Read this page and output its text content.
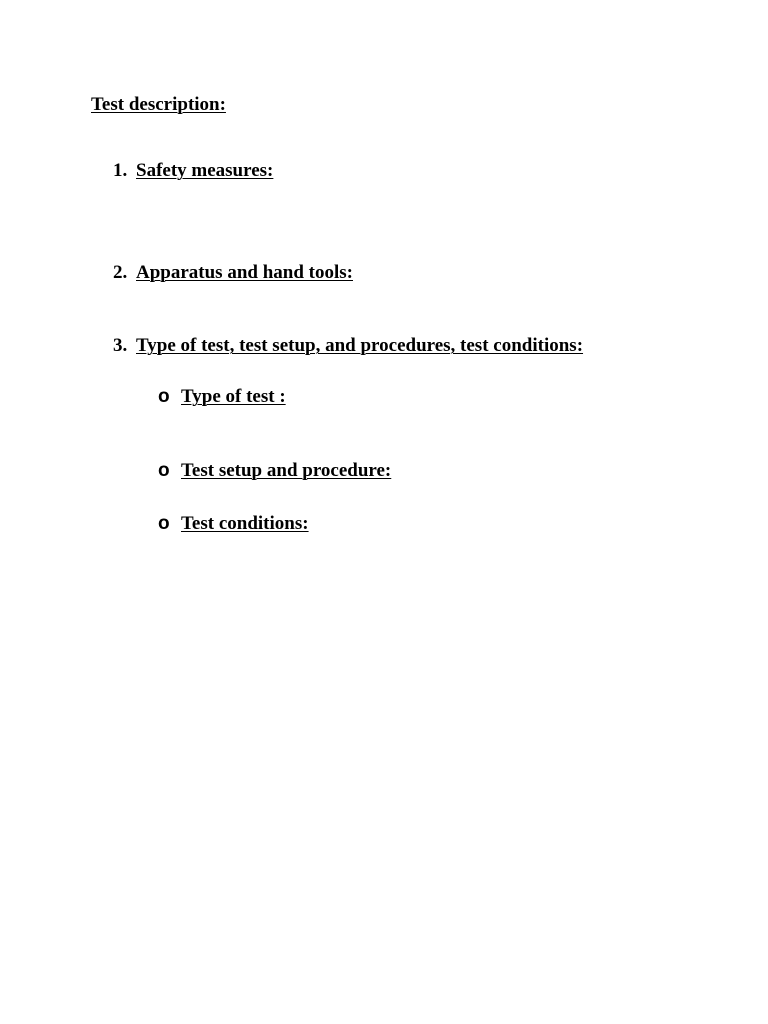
Test description:
1. Safety measures:
2. Apparatus and hand tools:
3. Type of test, test setup, and procedures, test conditions:
o Type of test :
o Test setup and procedure:
o Test conditions:
